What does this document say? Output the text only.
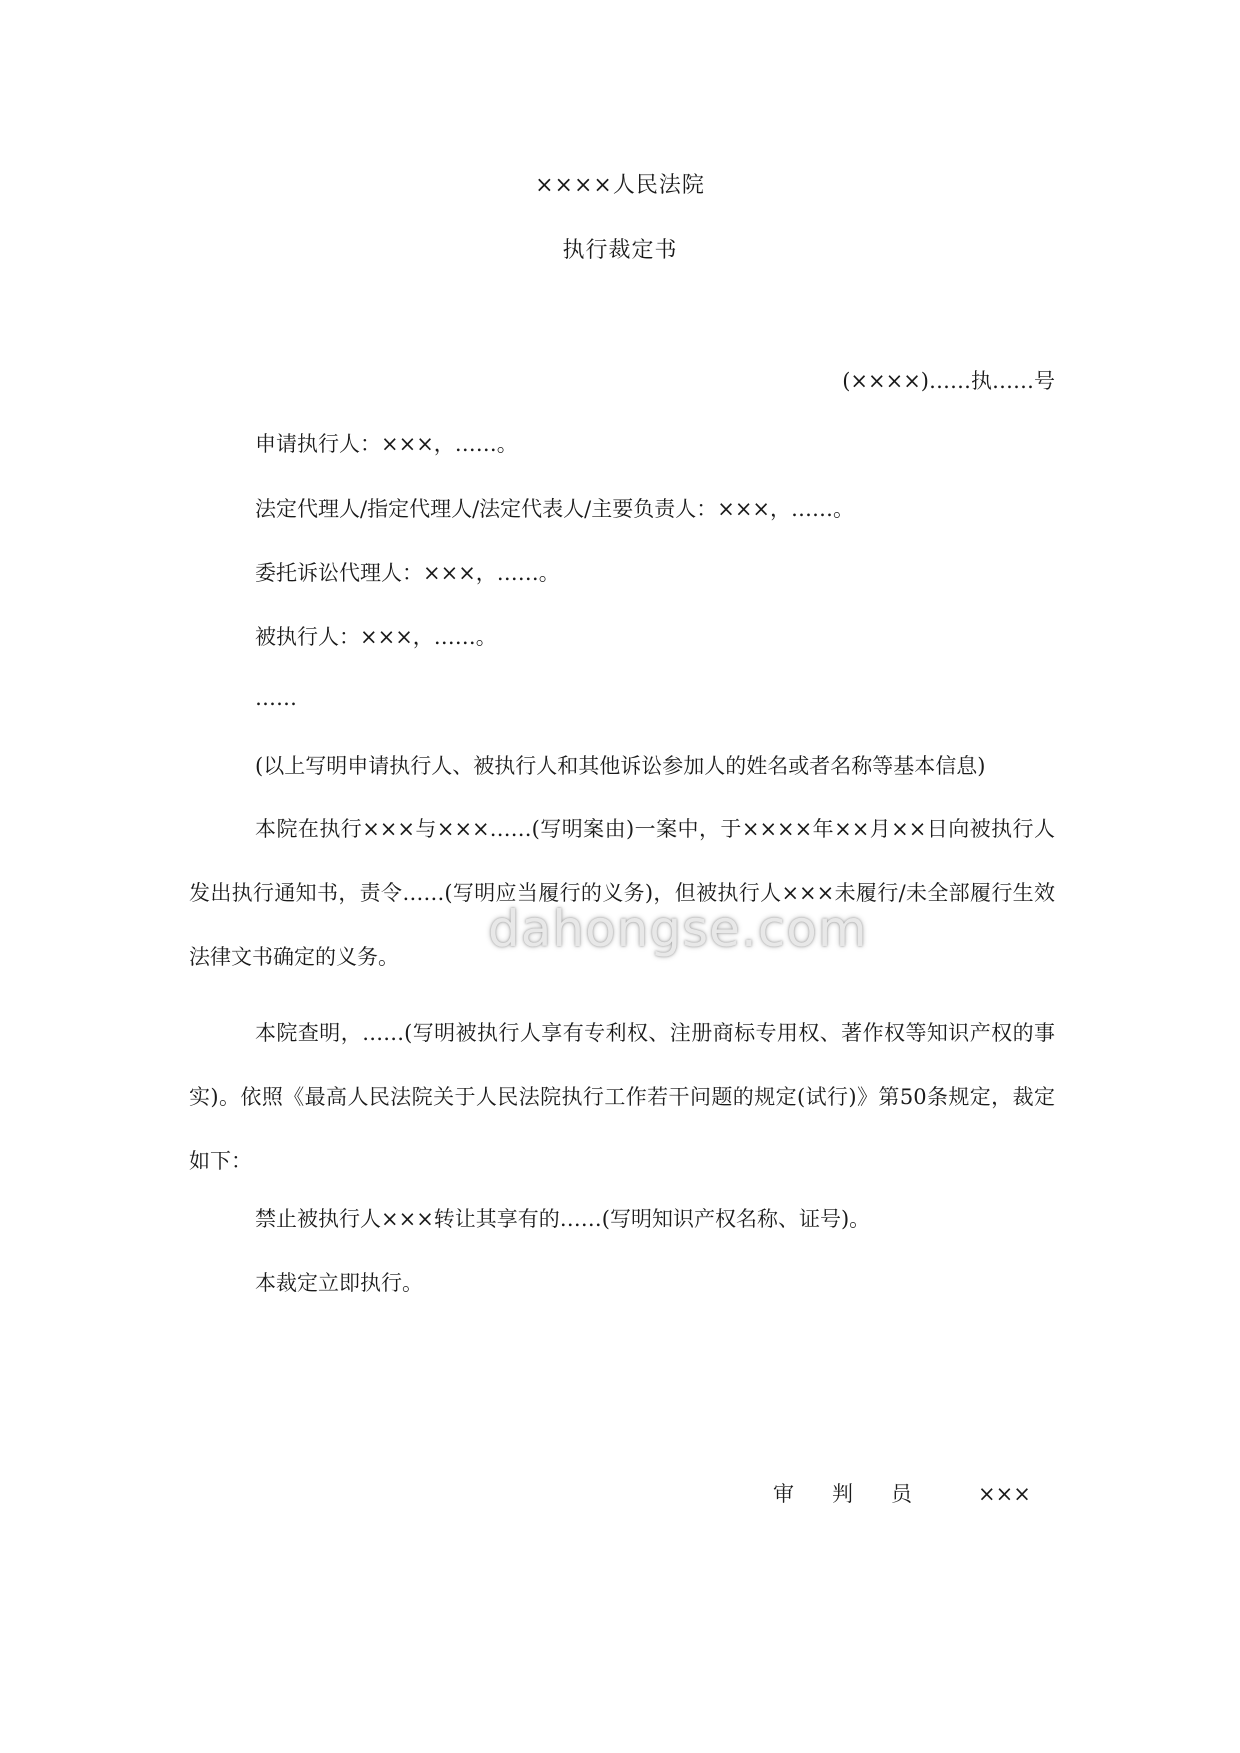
××××人民法院
执行裁定书
(××××)……执……号
申请执行人：×××，……。
法定代理人/指定代理人/法定代表人/主要负责人：×××，……。
委托诉讼代理人：×××，……。
被执行人：×××，……。
……
(以上写明申请执行人、被执行人和其他诉讼参加人的姓名或者名称等基本信息)

本院在执行×××与×××……(写明案由)一案中，于××××年××月××日向被执行人发出执行通知书，责令……(写明应当履行的义务)，但被执行人×××未履行/未全部履行生效法律文书确定的义务。

本院查明，……(写明被执行人享有专利权、注册商标专用权、著作权等知识产权的事实)。依照《最高人民法院关于人民法院执行工作若干问题的规定(试行)》第50条规定，裁定如下：

禁止被执行人×××转让其享有的……(写明知识产权名称、证号)。
本裁定立即执行。
审判员 ×××
dahongse.com
